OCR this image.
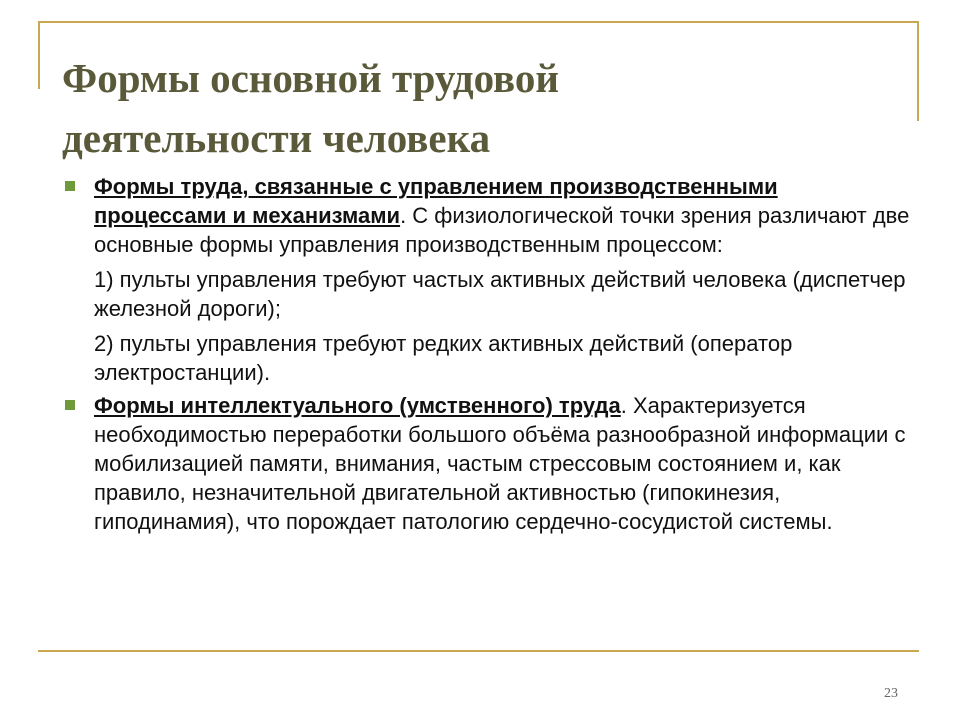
Формы основной трудовой
деятельности человека
Формы труда, связанные с управлением производственными процессами и механизмами. С физиологической точки зрения различают две основные формы управления производственным процессом:
1) пульты управления требуют частых активных действий человека (диспетчер железной дороги);
2) пульты управления требуют редких активных действий (оператор электростанции).
Формы интеллектуального (умственного) труда. Характеризуется необходимостью переработки большого объёма разнообразной информации с мобилизацией памяти, внимания, частым стрессовым состоянием и, как правило, незначительной двигательной активностью (гипокинезия, гиподинамия), что порождает патологию сердечно-сосудистой системы.
23
